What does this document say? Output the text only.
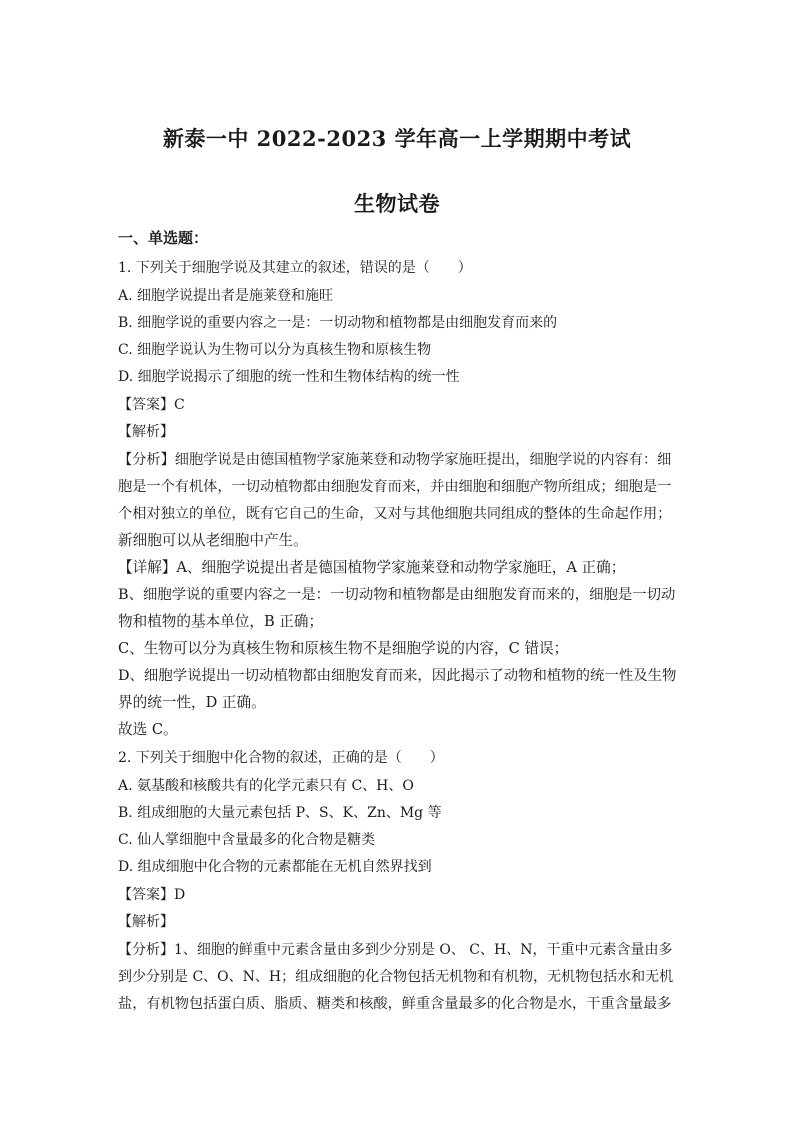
新泰一中 2022-2023 学年高一上学期期中考试
生物试卷
一、单选题：
1. 下列关于细胞学说及其建立的叙述，错误的是（　　）
A. 细胞学说提出者是施莱登和施旺
B. 细胞学说的重要内容之一是：一切动物和植物都是由细胞发育而来的
C. 细胞学说认为生物可以分为真核生物和原核生物
D. 细胞学说揭示了细胞的统一性和生物体结构的统一性
【答案】C
【解析】
【分析】细胞学说是由德国植物学家施莱登和动物学家施旺提出，细胞学说的内容有：细
胞是一个有机体，一切动植物都由细胞发育而来，并由细胞和细胞产物所组成；细胞是一
个相对独立的单位，既有它自己的生命，又对与其他细胞共同组成的整体的生命起作用；
新细胞可以从老细胞中产生。
【详解】A、细胞学说提出者是德国植物学家施莱登和动物学家施旺，A 正确；
B、细胞学说的重要内容之一是：一切动物和植物都是由细胞发育而来的，细胞是一切动
物和植物的基本单位，B 正确；
C、生物可以分为真核生物和原核生物不是细胞学说的内容，C 错误；
D、细胞学说提出一切动植物都由细胞发育而来，因此揭示了动物和植物的统一性及生物
界的统一性，D 正确。
故选 C。
2. 下列关于细胞中化合物的叙述，正确的是（　　）
A. 氨基酸和核酸共有的化学元素只有 C、H、O
B. 组成细胞的大量元素包括 P、S、K、Zn、Mg 等
C. 仙人掌细胞中含量最多的化合物是糖类
D. 组成细胞中化合物的元素都能在无机自然界找到
【答案】D
【解析】
【分析】1、细胞的鲜重中元素含量由多到少分别是 O、 C、H、N，干重中元素含量由多
到少分别是 C、O、N、H；组成细胞的化合物包括无机物和有机物，无机物包括水和无机
盐，有机物包括蛋白质、脂质、糖类和核酸，鲜重含量最多的化合物是水，干重含量最多
